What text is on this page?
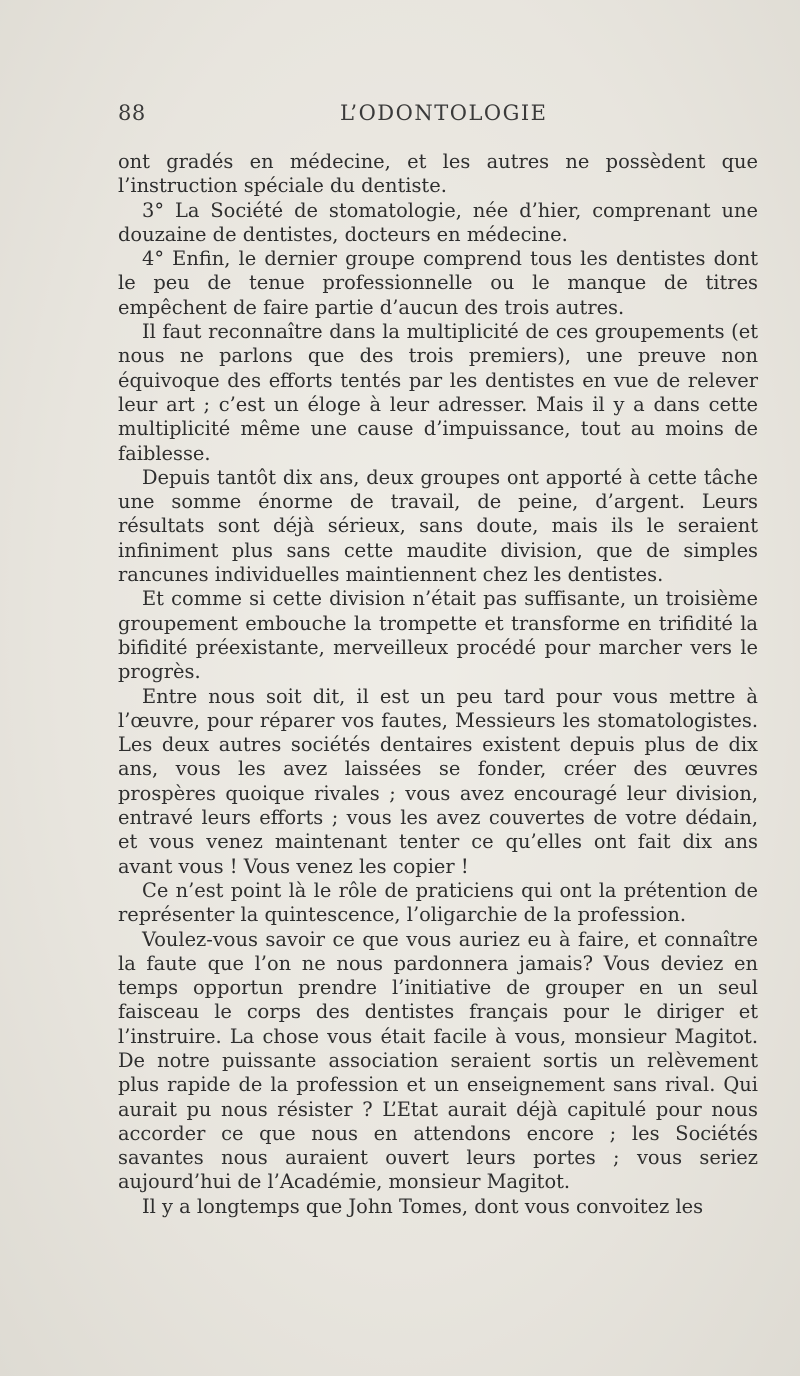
88	L’ODONTOLOGIE

ont gradés en médecine, et les autres ne possèdent que l’instruction spéciale du dentiste.

3° La Société de stomatologie, née d’hier, comprenant une douzaine de dentistes, docteurs en médecine.

4° Enfin, le dernier groupe comprend tous les dentistes dont le peu de tenue professionnelle ou le manque de titres empêchent de faire partie d’aucun des trois autres.

Il faut reconnaître dans la multiplicité de ces groupements (et nous ne parlons que des trois premiers), une preuve non équivoque des efforts tentés par les dentistes en vue de relever leur art ; c’est un éloge à leur adresser. Mais il y a dans cette multiplicité même une cause d’impuissance, tout au moins de faiblesse.

Depuis tantôt dix ans, deux groupes ont apporté à cette tâche une somme énorme de travail, de peine, d’argent. Leurs résultats sont déjà sérieux, sans doute, mais ils le seraient infiniment plus sans cette maudite division, que de simples rancunes individuelles maintiennent chez les dentistes.

Et comme si cette division n’était pas suffisante, un troisième groupement embouche la trompette et transforme en trifidité la bifidité préexistante, merveilleux procédé pour marcher vers le progrès.

Entre nous soit dit, il est un peu tard pour vous mettre à l’œuvre, pour réparer vos fautes, Messieurs les stomatologistes. Les deux autres sociétés dentaires existent depuis plus de dix ans, vous les avez laissées se fonder, créer des œuvres prospères quoique rivales ; vous avez encouragé leur division, entravé leurs efforts ; vous les avez couvertes de votre dédain, et vous venez maintenant tenter ce qu’elles ont fait dix ans avant vous ! Vous venez les copier !

Ce n’est point là le rôle de praticiens qui ont la prétention de représenter la quintescence, l’oligarchie de la profession.

Voulez-vous savoir ce que vous auriez eu à faire, et connaître la faute que l’on ne nous pardonnera jamais? Vous deviez en temps opportun prendre l’initiative de grouper en un seul faisceau le corps des dentistes français pour le diriger et l’instruire. La chose vous était facile à vous, monsieur Magitot. De notre puissante association seraient sortis un relèvement plus rapide de la profession et un enseignement sans rival. Qui aurait pu nous résister ? L’Etat aurait déjà capitulé pour nous accorder ce que nous en attendons encore ; les Sociétés savantes nous auraient ouvert leurs portes ; vous seriez aujourd’hui de l’Académie, monsieur Magitot.

Il y a longtemps que John Tomes, dont vous convoitez les
